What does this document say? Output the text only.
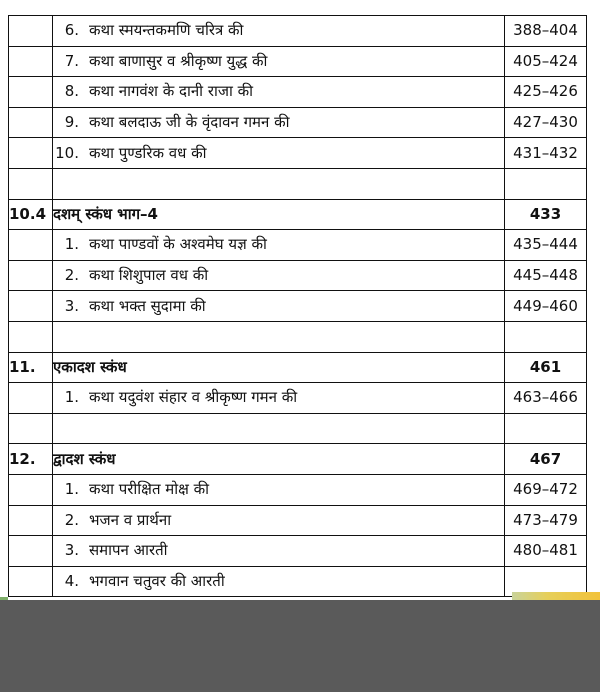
	6. कथा स्मयन्तकमणि चरित्र की	388–404
	7. कथा बाणासुर व श्रीकृष्ण युद्ध की	405–424
	8. कथा नागवंश के दानी राजा की	425–426
	9. कथा बलदाऊ जी के वृंदावन गमन की	427–430
	10. कथा पुण्डरिक वध की	431–432

10.4	दशम् स्कंध भाग–4	433
	1. कथा पाण्डवों के अश्वमेघ यज्ञ की	435–444
	2. कथा शिशुपाल वध की	445–448
	3. कथा भक्त सुदामा की	449–460

11.	एकादश स्कंध	461
	1. कथा यदुवंश संहार व श्रीकृष्ण गमन की	463–466

12.	द्वादश स्कंध	467
	1. कथा परीक्षित मोक्ष की	469–472
	2. भजन व प्रार्थना	473–479
	3. समापन आरती	480–481
	4. भगवान चतुवर की आरती	
